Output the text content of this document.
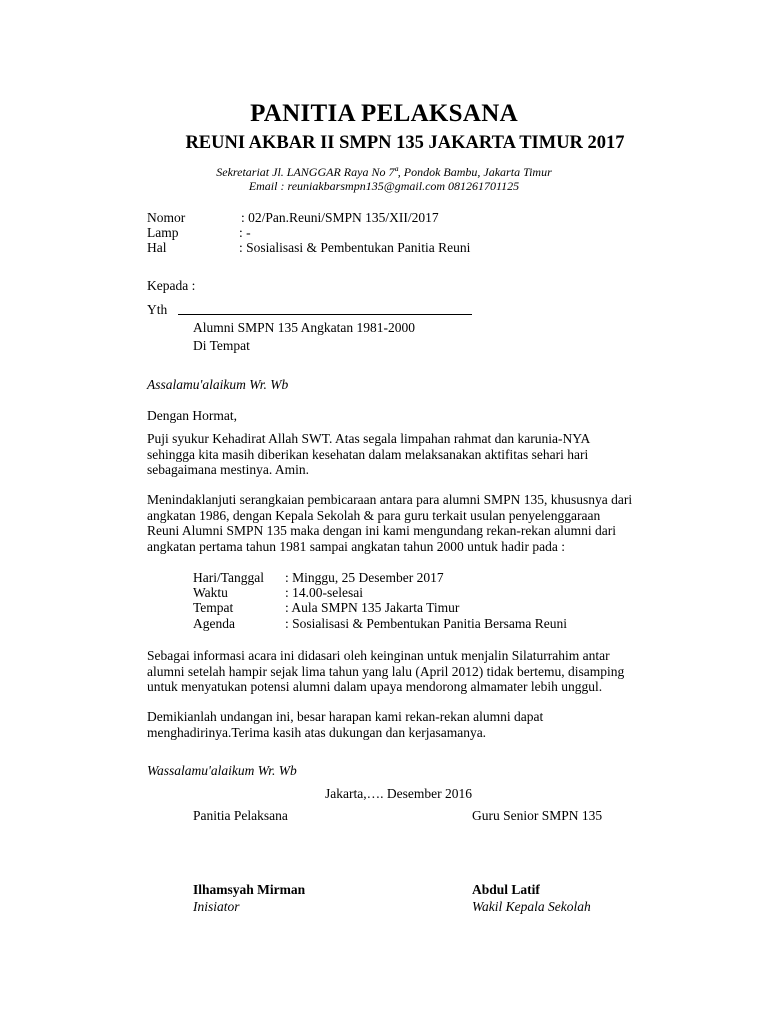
PANITIA PELAKSANA
REUNI AKBAR II SMPN 135 JAKARTA TIMUR 2017
Sekretariat Jl. LANGGAR Raya No 7ª, Pondok Bambu, Jakarta Timur
Email : reuniakbarsmpn135@gmail.com 081261701125
Nomor	: 02/Pan.Reuni/SMPN 135/XII/2017
Lamp	: -
Hal	: Sosialisasi & Pembentukan Panitia Reuni
Kepada :
Yth
Alumni SMPN 135 Angkatan 1981-2000
Di Tempat
Assalamu'alaikum Wr. Wb
Dengan Hormat,
Puji syukur Kehadirat Allah SWT. Atas segala limpahan rahmat dan karunia-NYA
sehingga kita masih diberikan kesehatan dalam melaksanakan aktifitas sehari hari
sebagaimana mestinya. Amin.
Menindaklanjuti serangkaian pembicaraan antara para alumni SMPN 135, khususnya dari
angkatan 1986, dengan Kepala Sekolah & para guru terkait usulan penyelenggaraan
Reuni Alumni SMPN 135 maka dengan ini kami mengundang rekan-rekan alumni dari
angkatan pertama tahun 1981 sampai angkatan tahun 2000 untuk hadir pada :
Hari/Tanggal : Minggu, 25 Desember 2017
Waktu	: 14.00-selesai
Tempat	: Aula SMPN 135 Jakarta Timur
Agenda	: Sosialisasi & Pembentukan Panitia Bersama Reuni
Sebagai informasi acara ini didasari oleh keinginan untuk menjalin Silaturrahim antar
alumni setelah hampir sejak lima tahun yang lalu (April 2012) tidak bertemu, disamping
untuk menyatukan potensi alumni dalam upaya mendorong almamater lebih unggul.
Demikianlah undangan ini, besar harapan kami rekan-rekan alumni dapat
menghadirinya.Terima kasih atas dukungan dan kerjasamanya.
Wassalamu'alaikum Wr. Wb
Jakarta,…. Desember 2016
Panitia Pelaksana	Guru Senior SMPN 135
Ilhamsyah Mirman
Inisiator
Abdul Latif
Wakil Kepala Sekolah
